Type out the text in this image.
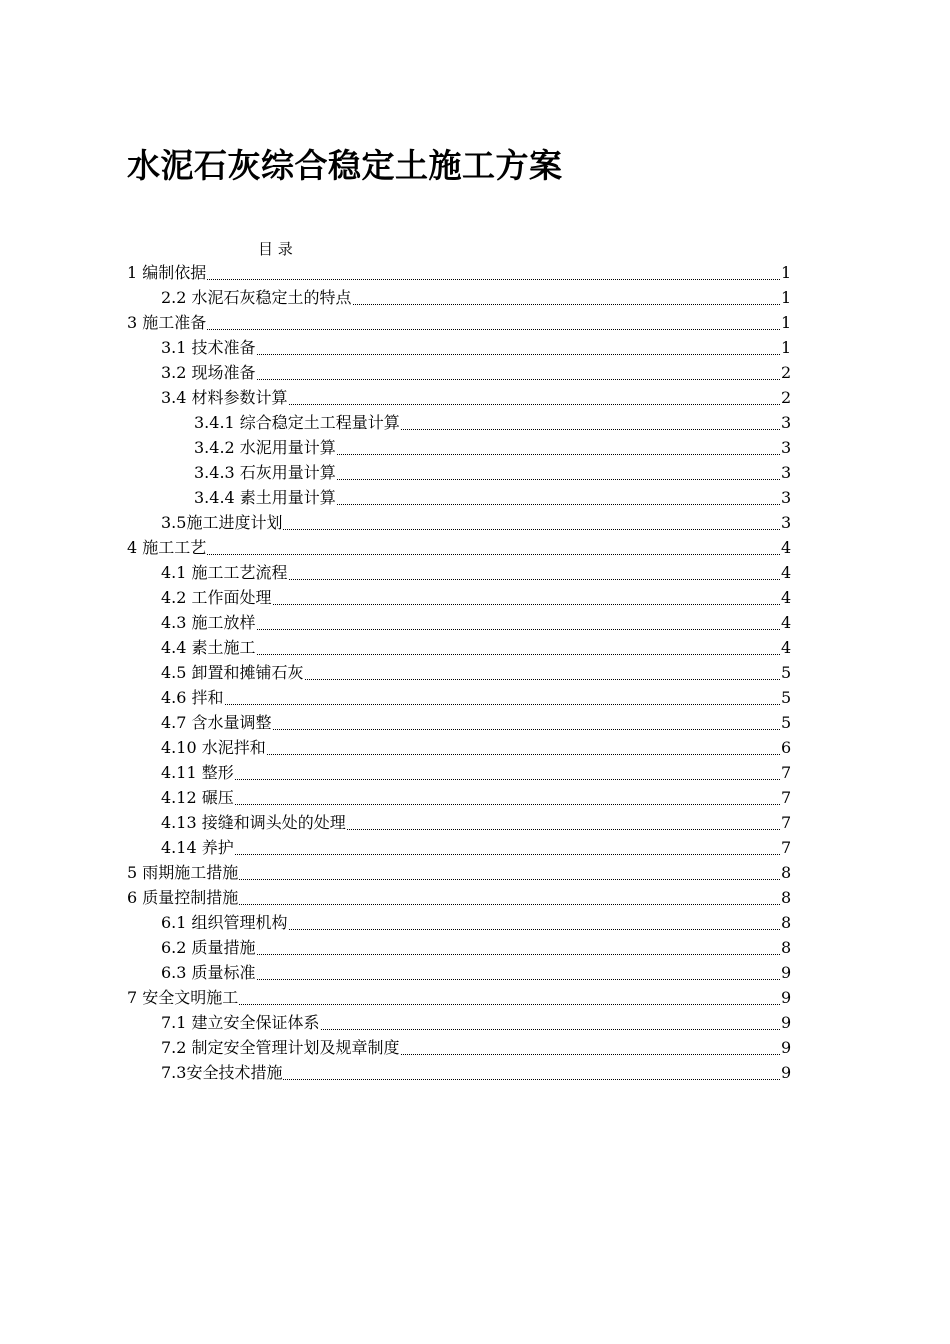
水泥石灰综合稳定土施工方案
目 录
1 编制依据	1
2.2 水泥石灰稳定土的特点	1
3 施工准备	1
3.1 技术准备	1
3.2 现场准备	2
3.4 材料参数计算	2
3.4.1 综合稳定土工程量计算	3
3.4.2 水泥用量计算	3
3.4.3 石灰用量计算	3
3.4.4 素土用量计算	3
3.5施工进度计划	3
4 施工工艺	4
4.1 施工工艺流程	4
4.2 工作面处理	4
4.3 施工放样	4
4.4 素土施工	4
4.5 卸置和摊铺石灰	5
4.6 拌和	5
4.7 含水量调整	5
4.10 水泥拌和	6
4.11 整形	7
4.12 碾压	7
4.13 接缝和调头处的处理	7
4.14 养护	7
5 雨期施工措施	8
6 质量控制措施	8
6.1 组织管理机构	8
6.2 质量措施	8
6.3 质量标准	9
7 安全文明施工	9
7.1 建立安全保证体系	9
7.2 制定安全管理计划及规章制度	9
7.3安全技术措施	9
